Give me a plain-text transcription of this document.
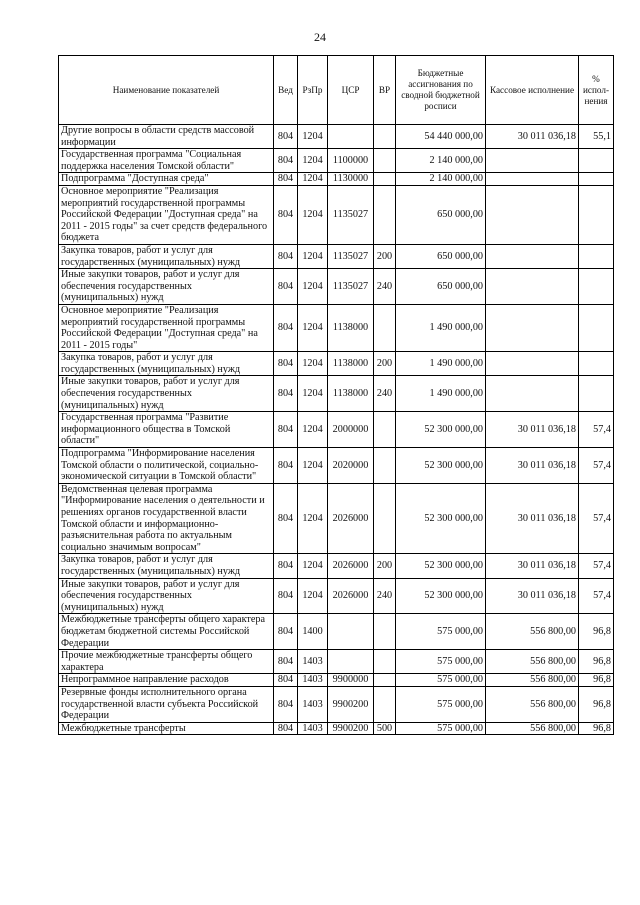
24
Наименование показателей	Вед	РзПр	ЦСР	ВР	Бюджетные ассигнования по сводной бюджетной росписи	Кассовое исполнение	% испол-нения
Другие вопросы в области средств массовой информации	804	1204			54 440 000,00	30 011 036,18	55,1
Государственная программа "Социальная поддержка населения Томской области"	804	1204	1100000		2 140 000,00		
Подпрограмма "Доступная среда"	804	1204	1130000		2 140 000,00		
Основное мероприятие "Реализация мероприятий государственной программы Российской Федерации "Доступная среда" на 2011 - 2015 годы" за счет средств федерального бюджета	804	1204	1135027		650 000,00		
Закупка товаров, работ и услуг для государственных (муниципальных) нужд	804	1204	1135027	200	650 000,00		
Иные закупки товаров, работ и услуг для обеспечения государственных (муниципальных) нужд	804	1204	1135027	240	650 000,00		
Основное мероприятие "Реализация мероприятий государственной программы Российской Федерации "Доступная среда" на 2011 - 2015 годы"	804	1204	1138000		1 490 000,00		
Закупка товаров, работ и услуг для государственных (муниципальных) нужд	804	1204	1138000	200	1 490 000,00		
Иные закупки товаров, работ и услуг для обеспечения государственных (муниципальных) нужд	804	1204	1138000	240	1 490 000,00		
Государственная программа "Развитие информационного общества в Томской области"	804	1204	2000000		52 300 000,00	30 011 036,18	57,4
Подпрограмма "Информирование населения Томской области о политической, социально-экономической ситуации в Томской области"	804	1204	2020000		52 300 000,00	30 011 036,18	57,4
Ведомственная целевая программа "Информирование населения о деятельности и решениях органов государственной власти Томской области и информационно-разъяснительная работа по актуальным социально значимым вопросам"	804	1204	2026000		52 300 000,00	30 011 036,18	57,4
Закупка товаров, работ и услуг для государственных (муниципальных) нужд	804	1204	2026000	200	52 300 000,00	30 011 036,18	57,4
Иные закупки товаров, работ и услуг для обеспечения государственных (муниципальных) нужд	804	1204	2026000	240	52 300 000,00	30 011 036,18	57,4
Межбюджетные трансферты общего характера бюджетам бюджетной системы Российской Федерации	804	1400			575 000,00	556 800,00	96,8
Прочие межбюджетные трансферты общего характера	804	1403			575 000,00	556 800,00	96,8
Непрограммное направление расходов	804	1403	9900000		575 000,00	556 800,00	96,8
Резервные фонды исполнительного органа государственной власти субъекта Российской Федерации	804	1403	9900200		575 000,00	556 800,00	96,8
Межбюджетные трансферты	804	1403	9900200	500	575 000,00	556 800,00	96,8
